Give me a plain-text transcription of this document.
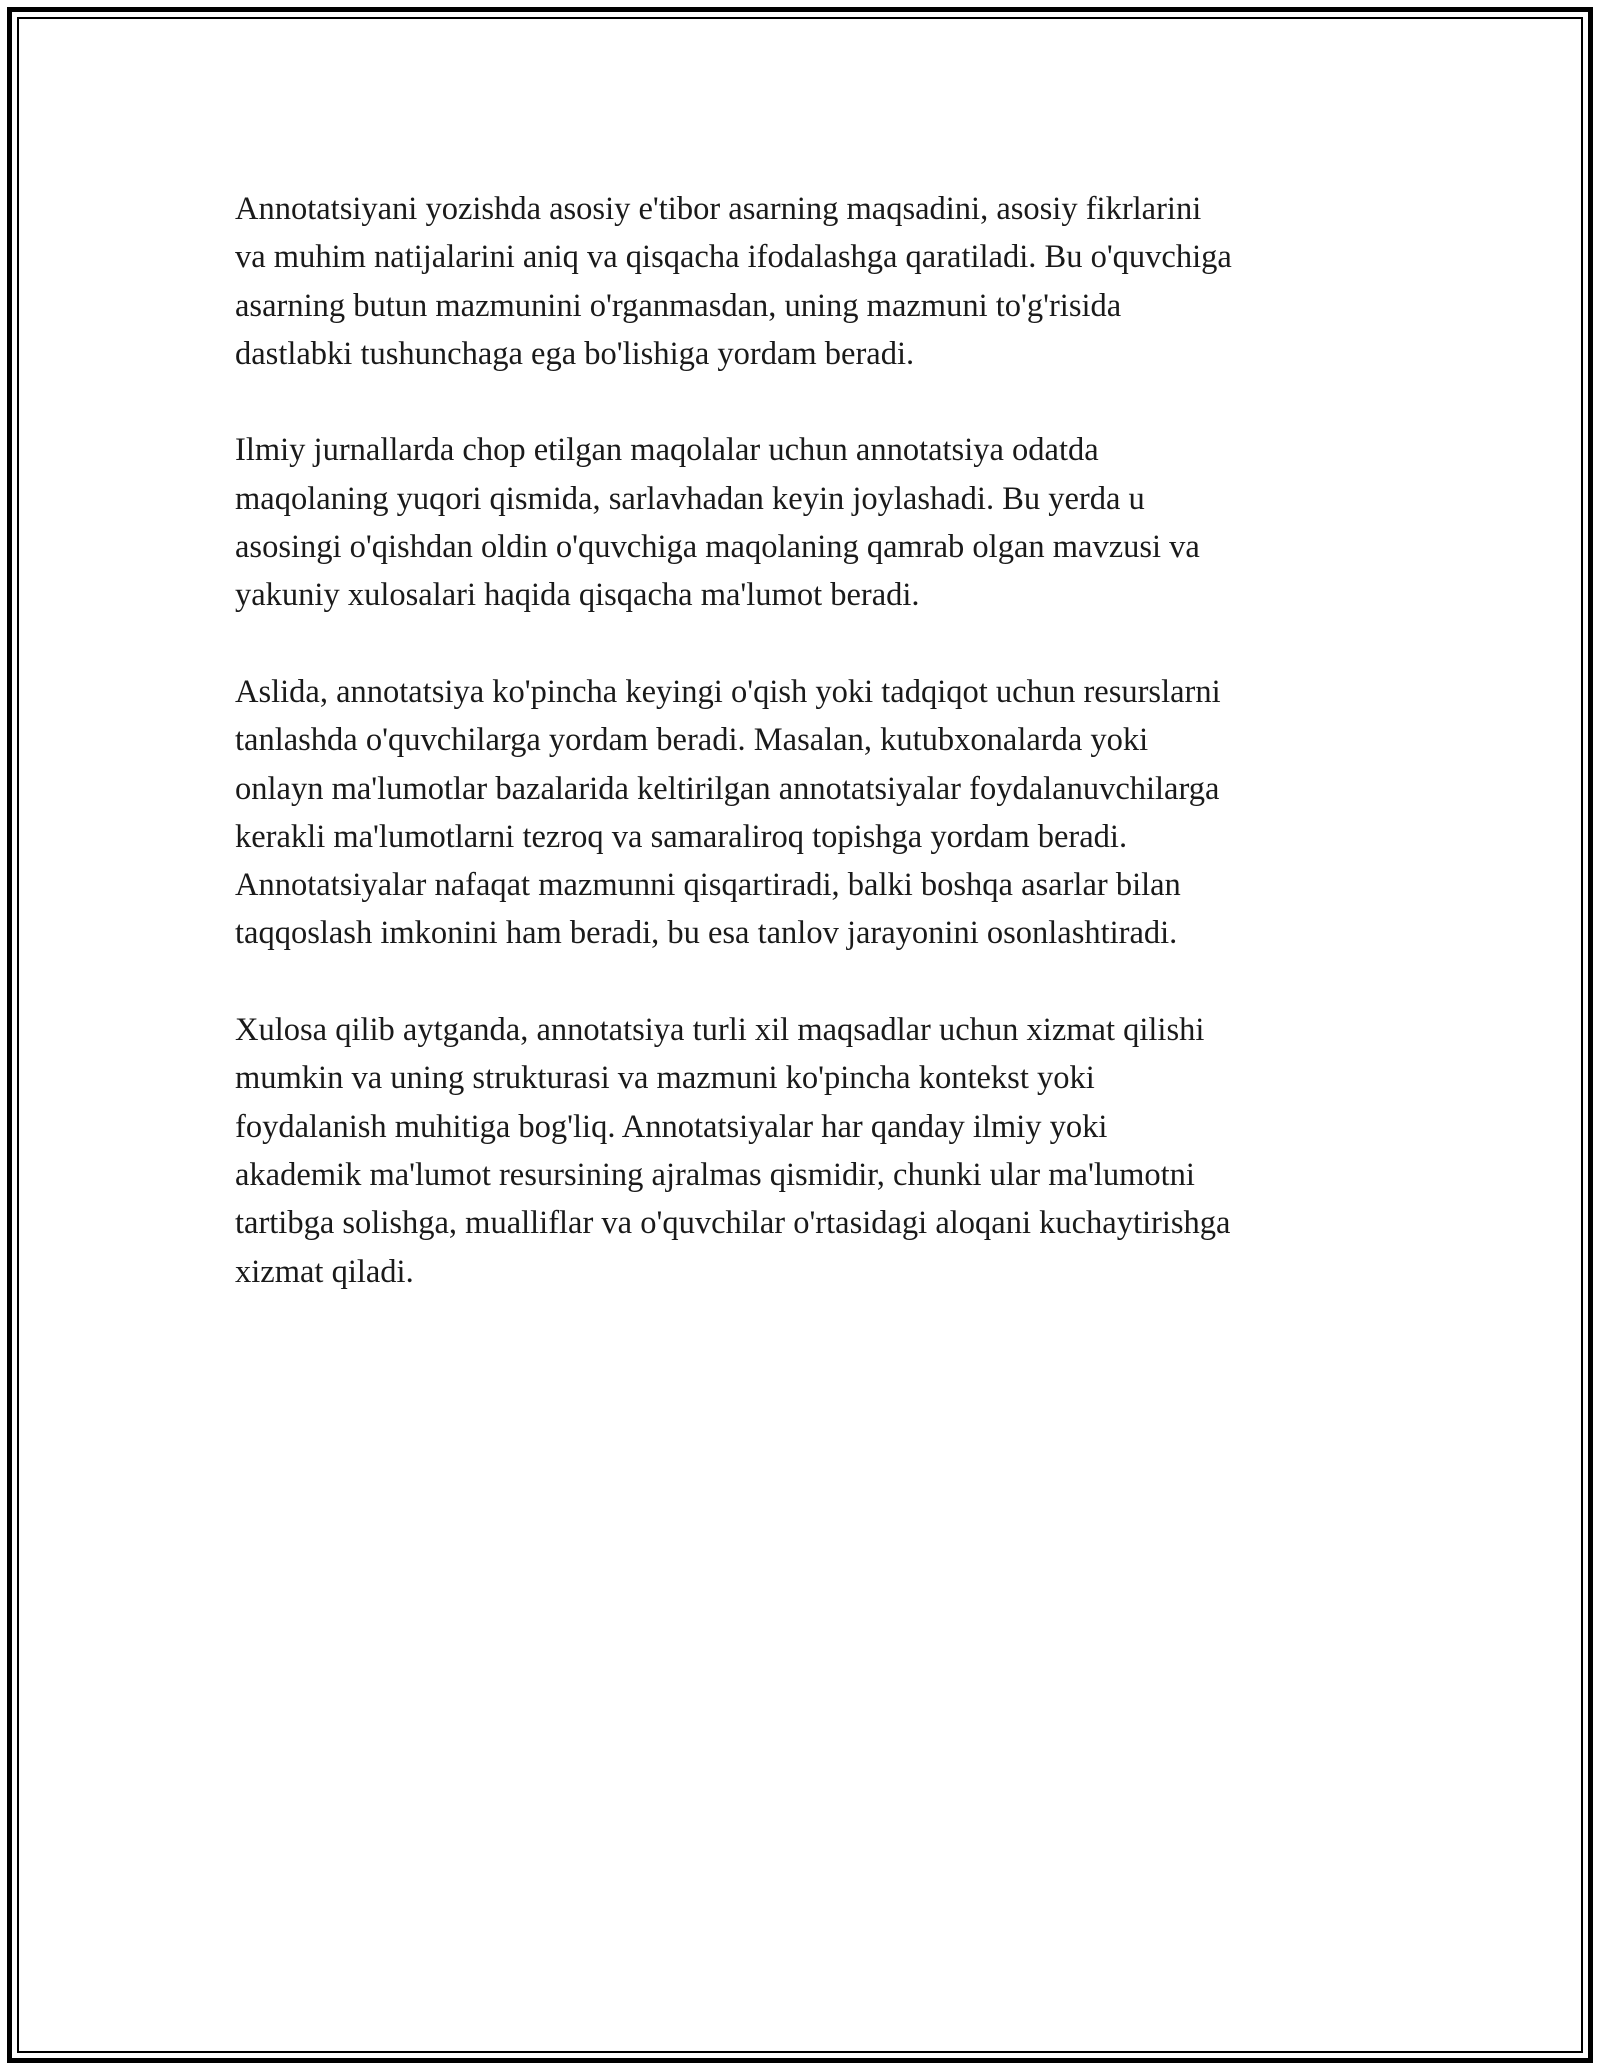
Annotatsiyani yozishda asosiy e'tibor asarning maqsadini, asosiy fikrlarini
va muhim natijalarini aniq va qisqacha ifodalashga qaratiladi. Bu o'quvchiga
asarning butun mazmunini o'rganmasdan, uning mazmuni to'g'risida
dastlabki tushunchaga ega bo'lishiga yordam beradi.

Ilmiy jurnallarda chop etilgan maqolalar uchun annotatsiya odatda
maqolaning yuqori qismida, sarlavhadan keyin joylashadi. Bu yerda u
asosingi o'qishdan oldin o'quvchiga maqolaning qamrab olgan mavzusi va
yakuniy xulosalari haqida qisqacha ma'lumot beradi.

Aslida, annotatsiya ko'pincha keyingi o'qish yoki tadqiqot uchun resurslarni
tanlashda o'quvchilarga yordam beradi. Masalan, kutubxonalarda yoki
onlayn ma'lumotlar bazalarida keltirilgan annotatsiyalar foydalanuvchilarga
kerakli ma'lumotlarni tezroq va samaraliroq topishga yordam beradi.
Annotatsiyalar nafaqat mazmunni qisqartiradi, balki boshqa asarlar bilan
taqqoslash imkonini ham beradi, bu esa tanlov jarayonini osonlashtiradi.

Xulosa qilib aytganda, annotatsiya turli xil maqsadlar uchun xizmat qilishi
mumkin va uning strukturasi va mazmuni ko'pincha kontekst yoki
foydalanish muhitiga bog'liq. Annotatsiyalar har qanday ilmiy yoki
akademik ma'lumot resursining ajralmas qismidir, chunki ular ma'lumotni
tartibga solishga, mualliflar va o'quvchilar o'rtasidagi aloqani kuchaytirishga
xizmat qiladi.
